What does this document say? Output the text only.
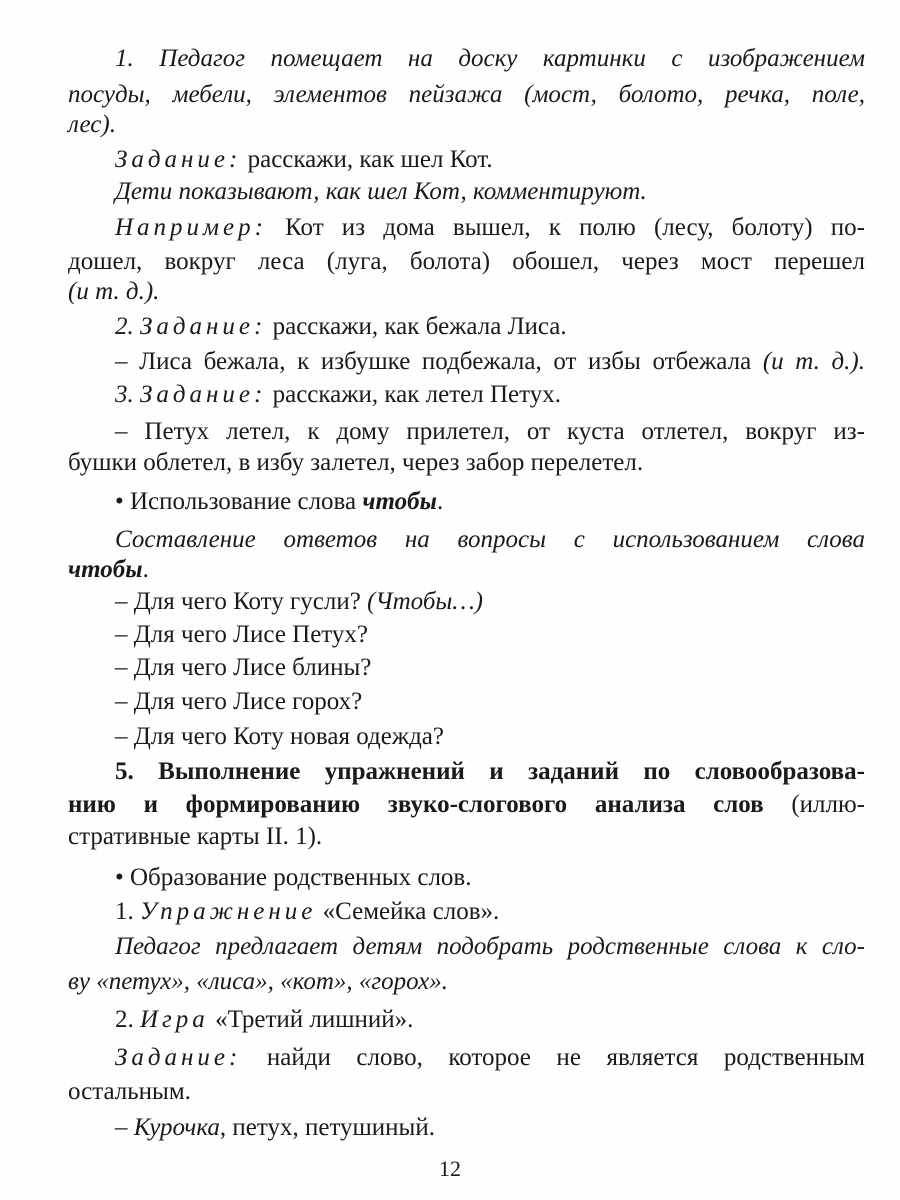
1. Педагог помещает на доску картинки с изображением
посуды, мебели, элементов пейзажа (мост, болото, речка, поле,
лес).
Задание: расскажи, как шел Кот.
Дети показывают, как шел Кот, комментируют.
Например: Кот из дома вышел, к полю (лесу, болоту) по-
дошел, вокруг леса (луга, болота) обошел, через мост перешел
(и т. д.).
2. Задание: расскажи, как бежала Лиса.
– Лиса бежала, к избушке подбежала, от избы отбежала (и т. д.).
3. Задание: расскажи, как летел Петух.
– Петух летел, к дому прилетел, от куста отлетел, вокруг из-
бушки облетел, в избу залетел, через забор перелетел.
• Использование слова чтобы.
Составление ответов на вопросы с использованием слова
чтобы.
– Для чего Коту гусли? (Чтобы…)
– Для чего Лисе Петух?
– Для чего Лисе блины?
– Для чего Лисе горох?
– Для чего Коту новая одежда?
5. Выполнение упражнений и заданий по словообразова-
нию и формированию звуко-слогового анализа слов (иллю-
стративные карты II. 1).
• Образование родственных слов.
1. Упражнение «Семейка слов».
Педагог предлагает детям подобрать родственные слова к сло-
ву «петух», «лиса», «кот», «горох».
2. Игра «Третий лишний».
Задание: найди слово, которое не является родственным
остальным.
– Курочка, петух, петушиный.
12
